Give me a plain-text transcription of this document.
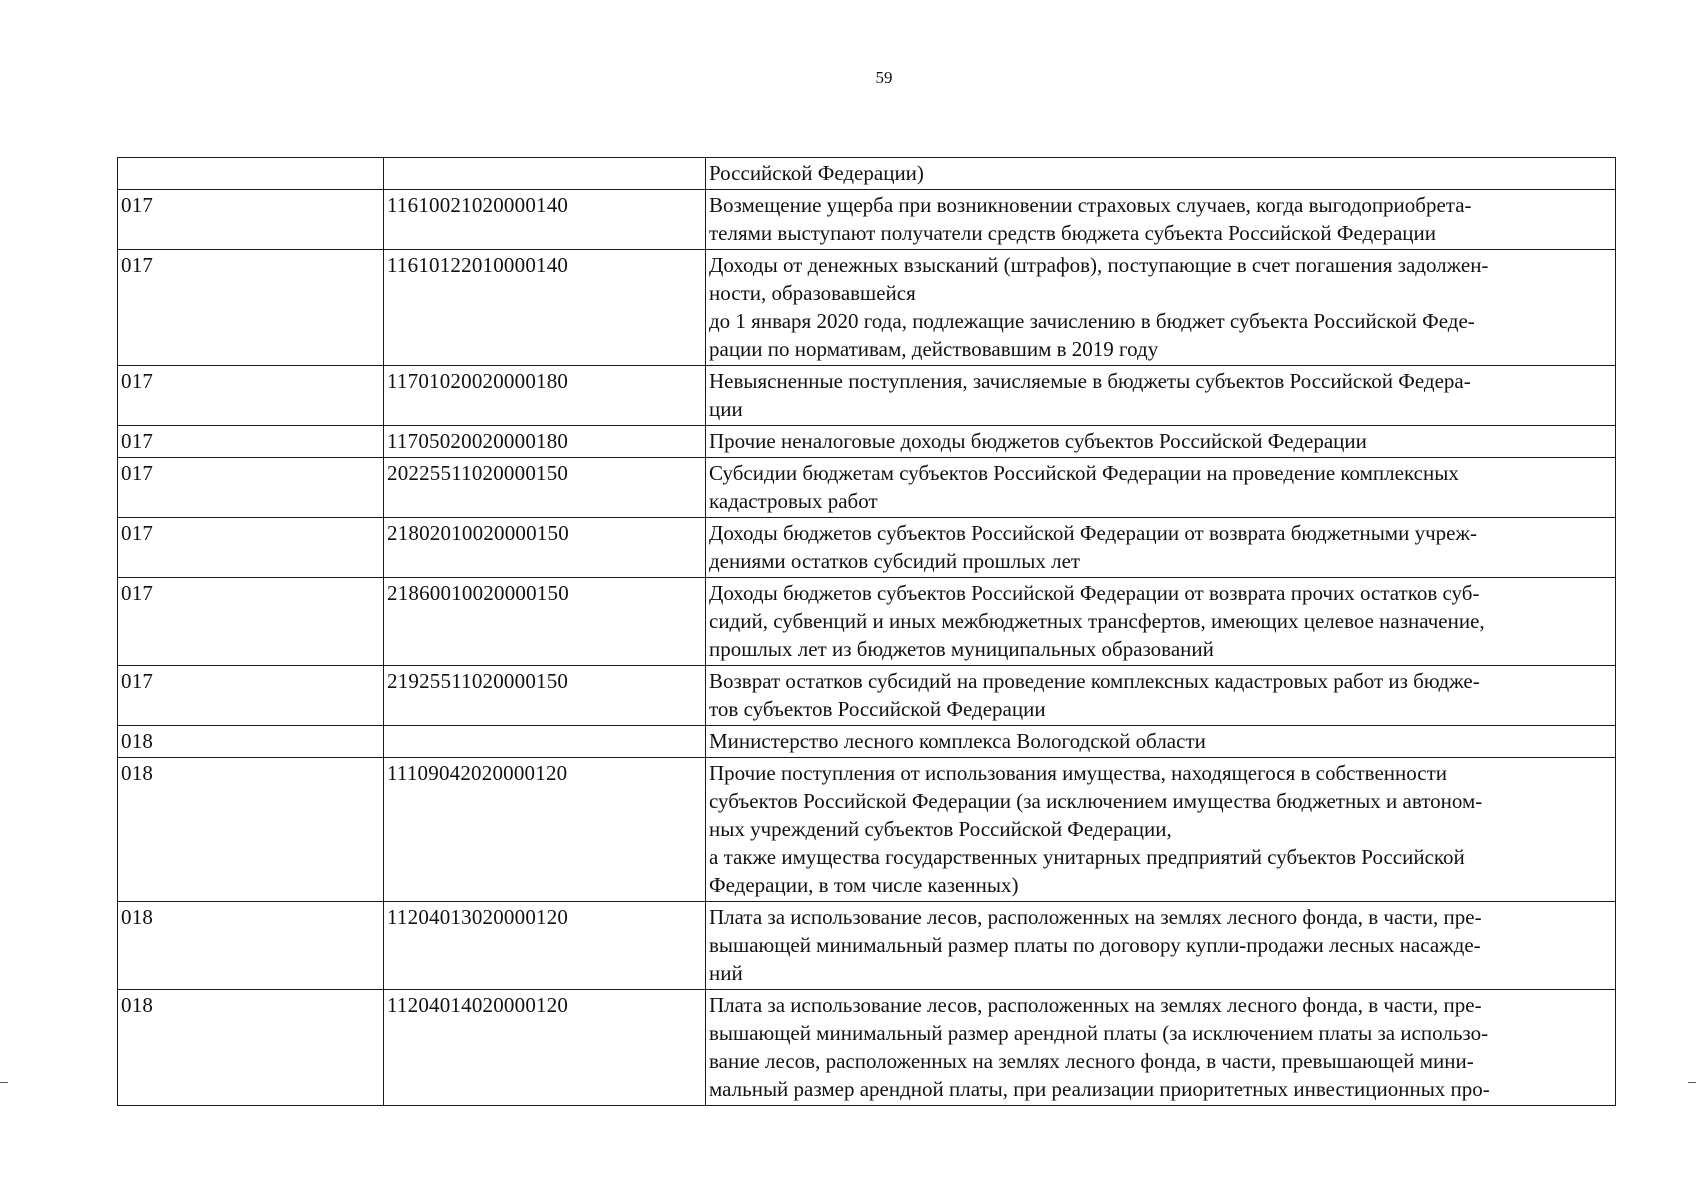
59

		Российской Федерации)

017	11610021020000140	Возмещение ущерба при возникновении страховых случаев, когда выгодоприобрета-
телями выступают получатели средств бюджета субъекта Российской Федерации

017	11610122010000140	Доходы от денежных взысканий (штрафов), поступающие в счет погашения задолжен-
ности, образовавшейся
до 1 января 2020 года, подлежащие зачислению в бюджет субъекта Российской Феде-
рации по нормативам, действовавшим в 2019 году

017	11701020020000180	Невыясненные поступления, зачисляемые в бюджеты субъектов Российской Федера-
ции

017	11705020020000180	Прочие неналоговые доходы бюджетов субъектов Российской Федерации

017	20225511020000150	Субсидии бюджетам субъектов Российской Федерации на проведение комплексных
кадастровых работ

017	21802010020000150	Доходы бюджетов субъектов Российской Федерации от возврата бюджетными учреж-
дениями остатков субсидий прошлых лет

017	21860010020000150	Доходы бюджетов субъектов Российской Федерации от возврата прочих остатков суб-
сидий, субвенций и иных межбюджетных трансфертов, имеющих целевое назначение,
прошлых лет из бюджетов муниципальных образований

017	21925511020000150	Возврат остатков субсидий на проведение комплексных кадастровых работ из бюдже-
тов субъектов Российской Федерации

018		Министерство лесного комплекса Вологодской области

018	11109042020000120	Прочие поступления от использования имущества, находящегося в собственности
субъектов Российской Федерации (за исключением имущества бюджетных и автоном-
ных учреждений субъектов Российской Федерации,
а также имущества государственных унитарных предприятий субъектов Российской
Федерации, в том числе казенных)

018	11204013020000120	Плата за использование лесов, расположенных на землях лесного фонда, в части, пре-
вышающей минимальный размер платы по договору купли-продажи лесных насажде-
ний

018	11204014020000120	Плата за использование лесов, расположенных на землях лесного фонда, в части, пре-
вышающей минимальный размер арендной платы (за исключением платы за использо-
вание лесов, расположенных на землях лесного фонда, в части, превышающей мини-
мальный размер арендной платы, при реализации приоритетных инвестиционных про-
